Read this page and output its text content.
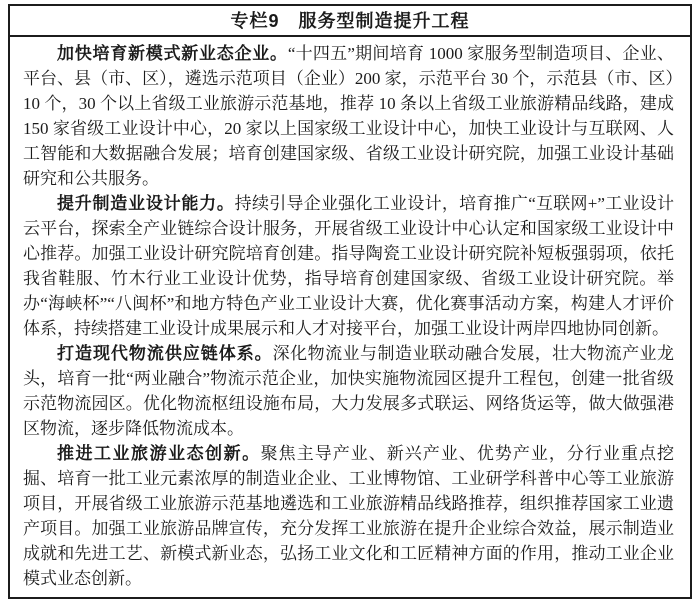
专栏9　服务型制造提升工程

加快培育新模式新业态企业。“十四五”期间培育 1000 家服务型制造项目、企业、平台、县（市、区），遴选示范项目（企业）200 家，示范平台 30 个，示范县（市、区）10 个，30 个以上省级工业旅游示范基地，推荐 10 条以上省级工业旅游精品线路，建成 150 家省级工业设计中心，20 家以上国家级工业设计中心，加快工业设计与互联网、人工智能和大数据融合发展；培育创建国家级、省级工业设计研究院，加强工业设计基础研究和公共服务。

提升制造业设计能力。持续引导企业强化工业设计，培育推广“互联网+”工业设计云平台，探索全产业链综合设计服务，开展省级工业设计中心认定和国家级工业设计中心推荐。加强工业设计研究院培育创建。指导陶瓷工业设计研究院补短板强弱项，依托我省鞋服、竹木行业工业设计优势，指导培育创建国家级、省级工业设计研究院。举办“海峡杯”“八闽杯”和地方特色产业工业设计大赛，优化赛事活动方案，构建人才评价体系，持续搭建工业设计成果展示和人才对接平台，加强工业设计两岸四地协同创新。

打造现代物流供应链体系。深化物流业与制造业联动融合发展，壮大物流产业龙头，培育一批“两业融合”物流示范企业，加快实施物流园区提升工程包，创建一批省级示范物流园区。优化物流枢纽设施布局，大力发展多式联运、网络货运等，做大做强港区物流，逐步降低物流成本。

推进工业旅游业态创新。聚焦主导产业、新兴产业、优势产业，分行业重点挖掘、培育一批工业元素浓厚的制造业企业、工业博物馆、工业研学科普中心等工业旅游项目，开展省级工业旅游示范基地遴选和工业旅游精品线路推荐，组织推荐国家工业遗产项目。加强工业旅游品牌宣传，充分发挥工业旅游在提升企业综合效益，展示制造业成就和先进工艺、新模式新业态，弘扬工业文化和工匠精神方面的作用，推动工业企业模式业态创新。
